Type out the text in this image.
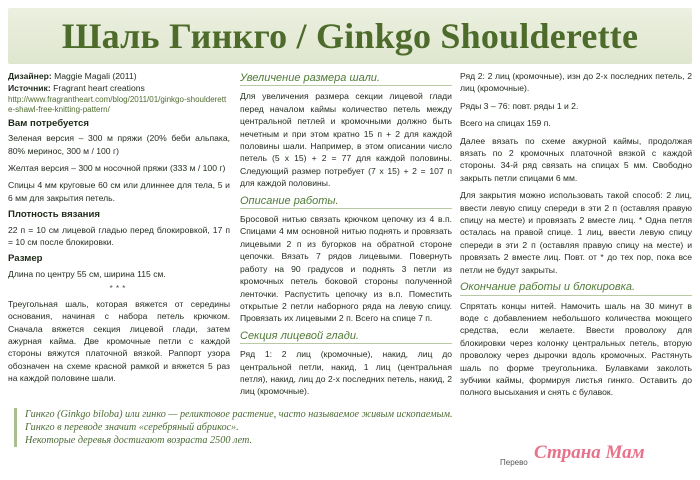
Шаль Гинкго / Ginkgo Shoulderette

Дизайнер: Maggie Magali (2011)

Источник: Fragrant heart creations

http://www.fragrantheart.com/blog/2011/01/ginkgo-shoulderette-shawl-free-knitting-pattern/
Вам потребуется

Зеленая версия – 300 м пряжи (20% беби альпака, 80% меринос, 300 м / 100 г)

Желтая версия – 300 м носочной пряжи (333 м / 100 г)

Спицы 4 мм круговые 60 см или длиннее для тела, 5 и 6 мм для закрытия петель.

Плотность вязания

22 п = 10 см лицевой гладью перед блокировкой, 17 п = 10 см после блокировки.

Размер

Длина по центру 55 см, ширина 115 см.

***

Треугольная шаль, которая вяжется от середины основания, начиная с набора петель крючком. Сначала вяжется секция лицевой глади, затем ажурная кайма. Две кромочные петли с каждой стороны вяжутся платочной вязкой. Раппорт узора обозначен на схеме красной рамкой и вяжется 5 раз на каждой половине шали.

Увеличение размера шали.

Для увеличения размера секции лицевой глади перед началом каймы количество петель между центральной петлей и кромочными должно быть нечетным и при этом кратно 15 п + 2 для каждой половины шали. Например, в этом описании число петель (5 х 15) + 2 = 77 для каждой половины. Следующий размер потребует (7 х 15) + 2 = 107 п для каждой половины.

Описание работы.

Бросовой нитью связать крючком цепочку из 4 в.п. Спицами 4 мм основной нитью поднять и провязать лицевыми 2 п из бугорков на обратной стороне цепочки. Вязать 7 рядов лицевыми. Повернуть работу на 90 градусов и поднять 3 петли из кромочных петель боковой стороны полученной ленточки. Распустить цепочку из в.п. Поместить открытые 2 петли наборного ряда на левую спицу. Провязать их лицевыми 2 п. Всего на спице 7 п.

Секция лицевой глади.

Ряд 1: 2 лиц (кромочные), накид, лиц до центральной петли, накид, 1 лиц (центральная петля), накид, лиц до 2-х последних петель, накид, 2 лиц (кромочные).

Ряд 2: 2 лиц (кромочные), изн до 2-х последних петель, 2 лиц (кромочные).

Ряды 3 – 76: повт. ряды 1 и 2.

Всего на спицах 159 п.

Далее вязать по схеме ажурной каймы, продолжая вязать по 2 кромочных платочной вязкой с каждой стороны. 34-й ряд связать на спицах 5 мм. Свободно закрыть петли спицами 6 мм.

Для закрытия можно использовать такой способ: 2 лиц, ввести левую спицу спереди в эти 2 п (оставляя правую спицу на месте) и провязать 2 вместе лиц. * Одна петля осталась на правой спице. 1 лиц, ввести левую спицу спереди в эти 2 п (оставляя правую спицу на месте) и провязать 2 вместе лиц. Повт. от * до тех пор, пока все петли не будут закрыты.

Окончание работы и блокировка.

Спрятать концы нитей. Намочить шаль на 30 минут в воде с добавлением небольшого количества моющего средства, если желаете. Ввести проволоку для блокировки через колонку центральных петель, вторую проволоку через дырочки вдоль кромочных. Растянуть шаль по форме треугольника. Булавками заколоть зубчики каймы, формируя листья гинкго. Оставить до полного высыхания и снять с булавок.

Гинкго (Ginkgo biloba) или гинко — реликтовое растение, часто называемое живым ископаемым. Гинкго в переводе значит «серебряный абрикос».

Некоторые деревья достигают возраста 2500 лет.

Перево Страна Мам
